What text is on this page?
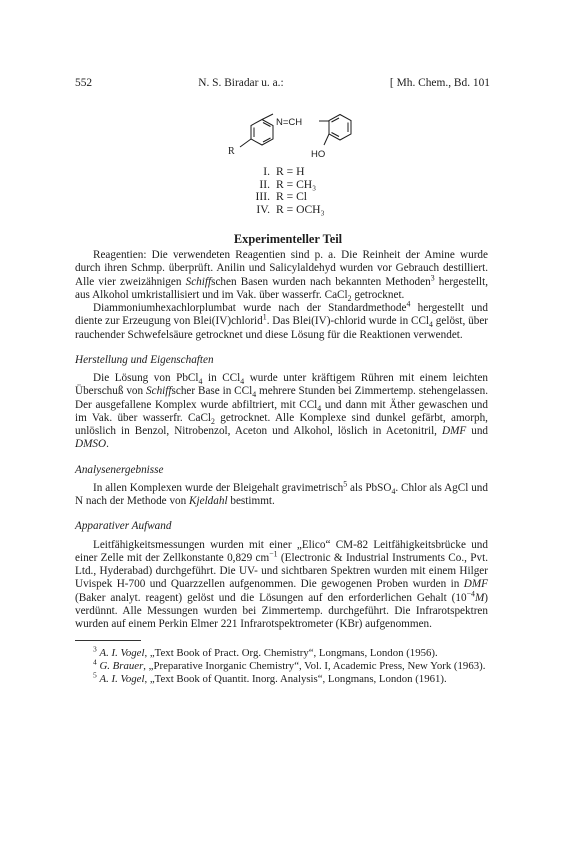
552	N. S. Biradar u. a.:	[ Mh. Chem., Bd. 101
N=CH
R	HO
I. R = H
II. R = CH₃
III. R = Cl
IV. R = OCH₃
Experimenteller Teil

Reagentien: Die verwendeten Reagentien sind p. a. Die Reinheit der Amine wurde durch ihren Schmp. überprüft. Anilin und Salicylaldehyd wurden vor Gebrauch destilliert. Alle vier zweizähnigen Schiffschen Basen wurden nach bekannten Methoden$^3$ hergestellt, aus Alkohol umkristallisiert und im Vak. über wasserfr. CaCl$_2$ getrocknet.

Diammoniumhexachlorplumbat wurde nach der Standardmethode$^4$ hergestellt und diente zur Erzeugung von Blei(IV)chlorid$^1$. Das Blei(IV)-chlorid wurde in CCl$_4$ gelöst, über rauchender Schwefelsäure getrocknet und diese Lösung für die Reaktionen verwendet.

Herstellung und Eigenschaften

Die Lösung von PbCl$_4$ in CCl$_4$ wurde unter kräftigem Rühren mit einem leichten Überschuß von Schiffscher Base in CCl$_4$ mehrere Stunden bei Zimmertemp. stehengelassen. Der ausgefallene Komplex wurde abfiltriert, mit CCl$_4$ und dann mit Äther gewaschen und im Vak. über wasserfr. CaCl$_2$ getrocknet. Alle Komplexe sind dunkel gefärbt, amorph, unlöslich in Benzol, Nitrobenzol, Aceton und Alkohol, löslich in Acetonitril, DMF und DMSO.

Analysenergebnisse

In allen Komplexen wurde der Bleigehalt gravimetrisch$^5$ als PbSO$_4$. Chlor als AgCl und N nach der Methode von Kjeldahl bestimmt.

Apparativer Aufwand

Leitfähigkeitsmessungen wurden mit einer „Elico“ CM-82 Leitfähigkeitsbrücke und einer Zelle mit der Zellkonstante 0,829 $cm^{-1}$ (Electronic & Industrial Instruments Co., Pvt. Ltd., Hyderabad) durchgeführt. Die UV- und sichtbaren Spektren wurden mit einem Hilger Uvispek H-700 und Quarzzellen aufgenommen. Die gewogenen Proben wurden in DMF (Baker analyt. reagent) gelöst und die Lösungen auf den erforderlichen Gehalt $(10^{-4}M)$ verdünnt. Alle Messungen wurden bei Zimmertemp. durchgeführt. Die Infrarotspektren wurden auf einem Perkin Elmer 221 Infrarotspektrometer (KBr) aufgenommen.

$^3$ A. I. Vogel, „Text Book of Pract. Org. Chemistry“, Longmans, London (1956).

$^4$ G. Brauer, „Preparative Inorganic Chemistry“, Vol. I, Academic Press, New York (1963).

$^5$ A. I. Vogel, „Text Book of Quantit. Inorg. Analysis“, Longmans, London (1961).
